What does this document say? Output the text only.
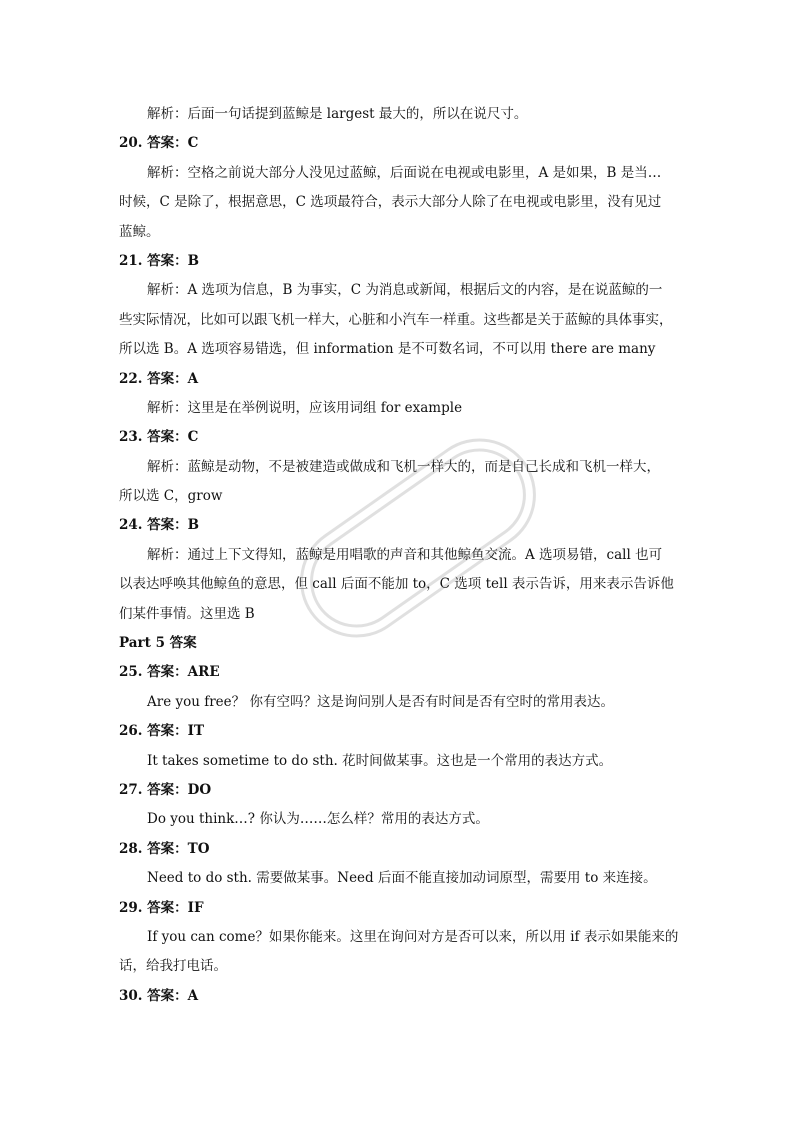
解析：后面一句话提到蓝鲸是 largest 最大的，所以在说尺寸。
20. 答案：C
解析：空格之前说大部分人没见过蓝鲸，后面说在电视或电影里，A 是如果，B 是当…
时候，C 是除了，根据意思，C 选项最符合，表示大部分人除了在电视或电影里，没有见过
蓝鲸。
21. 答案：B
解析：A 选项为信息，B 为事实，C 为消息或新闻，根据后文的内容，是在说蓝鲸的一
些实际情况，比如可以跟飞机一样大，心脏和小汽车一样重。这些都是关于蓝鲸的具体事实，
所以选 B。A 选项容易错选，但 information 是不可数名词，不可以用 there are many
22. 答案：A
解析：这里是在举例说明，应该用词组 for example
23. 答案：C
解析：蓝鲸是动物，不是被建造或做成和飞机一样大的，而是自己长成和飞机一样大，
所以选 C，grow
24. 答案：B
解析：通过上下文得知，蓝鲸是用唱歌的声音和其他鲸鱼交流。A 选项易错，call 也可
以表达呼唤其他鲸鱼的意思，但 call 后面不能加 to，C 选项 tell 表示告诉，用来表示告诉他
们某件事情。这里选 B
Part 5 答案
25. 答案：ARE
Are you free？ 你有空吗？这是询问别人是否有时间是否有空时的常用表达。
26. 答案：IT
It takes sometime to do sth. 花时间做某事。这也是一个常用的表达方式。
27. 答案：DO
Do you think…? 你认为……怎么样？常用的表达方式。
28. 答案：TO
Need to do sth. 需要做某事。Need 后面不能直接加动词原型，需要用 to 来连接。
29. 答案：IF
If you can come？如果你能来。这里在询问对方是否可以来，所以用 if 表示如果能来的
话，给我打电话。
30. 答案：A
